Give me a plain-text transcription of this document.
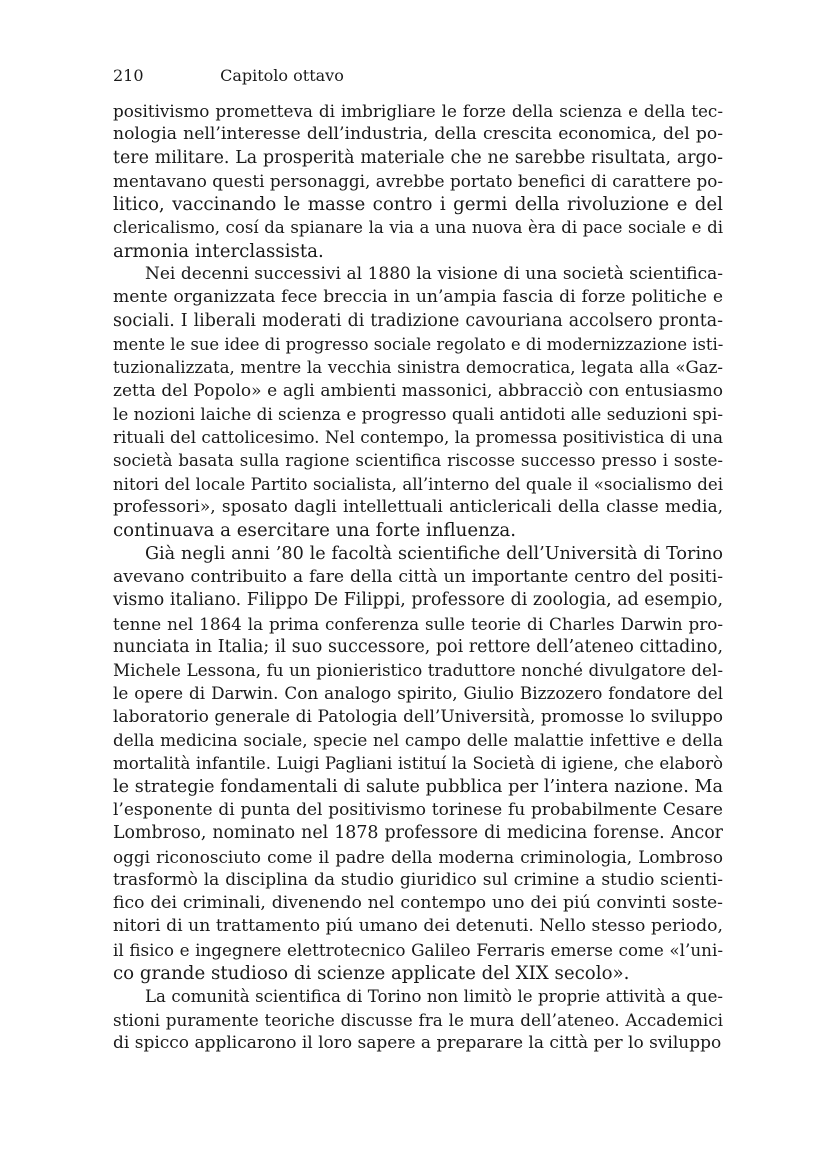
210	Capitolo ottavo
positivismo prometteva di imbrigliare le forze della scienza e della tec-
nologia nell’interesse dell’industria, della crescita economica, del po-
tere militare. La prosperità materiale che ne sarebbe risultata, argo-
mentavano questi personaggi, avrebbe portato benefici di carattere po-
litico, vaccinando le masse contro i germi della rivoluzione e del
clericalismo, cosí da spianare la via a una nuova èra di pace sociale e di
armonia interclassista.
Nei decenni successivi al 1880 la visione di una società scientifica-
mente organizzata fece breccia in un’ampia fascia di forze politiche e
sociali. I liberali moderati di tradizione cavouriana accolsero pronta-
mente le sue idee di progresso sociale regolato e di modernizzazione isti-
tuzionalizzata, mentre la vecchia sinistra democratica, legata alla «Gaz-
zetta del Popolo» e agli ambienti massonici, abbracciò con entusiasmo
le nozioni laiche di scienza e progresso quali antidoti alle seduzioni spi-
rituali del cattolicesimo. Nel contempo, la promessa positivistica di una
società basata sulla ragione scientifica riscosse successo presso i soste-
nitori del locale Partito socialista, all’interno del quale il «socialismo dei
professori», sposato dagli intellettuali anticlericali della classe media,
continuava a esercitare una forte influenza.
Già negli anni ’80 le facoltà scientifiche dell’Università di Torino
avevano contribuito a fare della città un importante centro del positi-
vismo italiano. Filippo De Filippi, professore di zoologia, ad esempio,
tenne nel 1864 la prima conferenza sulle teorie di Charles Darwin pro-
nunciata in Italia; il suo successore, poi rettore dell’ateneo cittadino,
Michele Lessona, fu un pionieristico traduttore nonché divulgatore del-
le opere di Darwin. Con analogo spirito, Giulio Bizzozero fondatore del
laboratorio generale di Patologia dell’Università, promosse lo sviluppo
della medicina sociale, specie nel campo delle malattie infettive e della
mortalità infantile. Luigi Pagliani istituí la Società di igiene, che elaborò
le strategie fondamentali di salute pubblica per l’intera nazione. Ma
l’esponente di punta del positivismo torinese fu probabilmente Cesare
Lombroso, nominato nel 1878 professore di medicina forense. Ancor
oggi riconosciuto come il padre della moderna criminologia, Lombroso
trasformò la disciplina da studio giuridico sul crimine a studio scienti-
fico dei criminali, divenendo nel contempo uno dei piú convinti soste-
nitori di un trattamento piú umano dei detenuti. Nello stesso periodo,
il fisico e ingegnere elettrotecnico Galileo Ferraris emerse come «l’uni-
co grande studioso di scienze applicate del XIX secolo».
La comunità scientifica di Torino non limitò le proprie attività a que-
stioni puramente teoriche discusse fra le mura dell’ateneo. Accademici
di spicco applicarono il loro sapere a preparare la città per lo sviluppo
